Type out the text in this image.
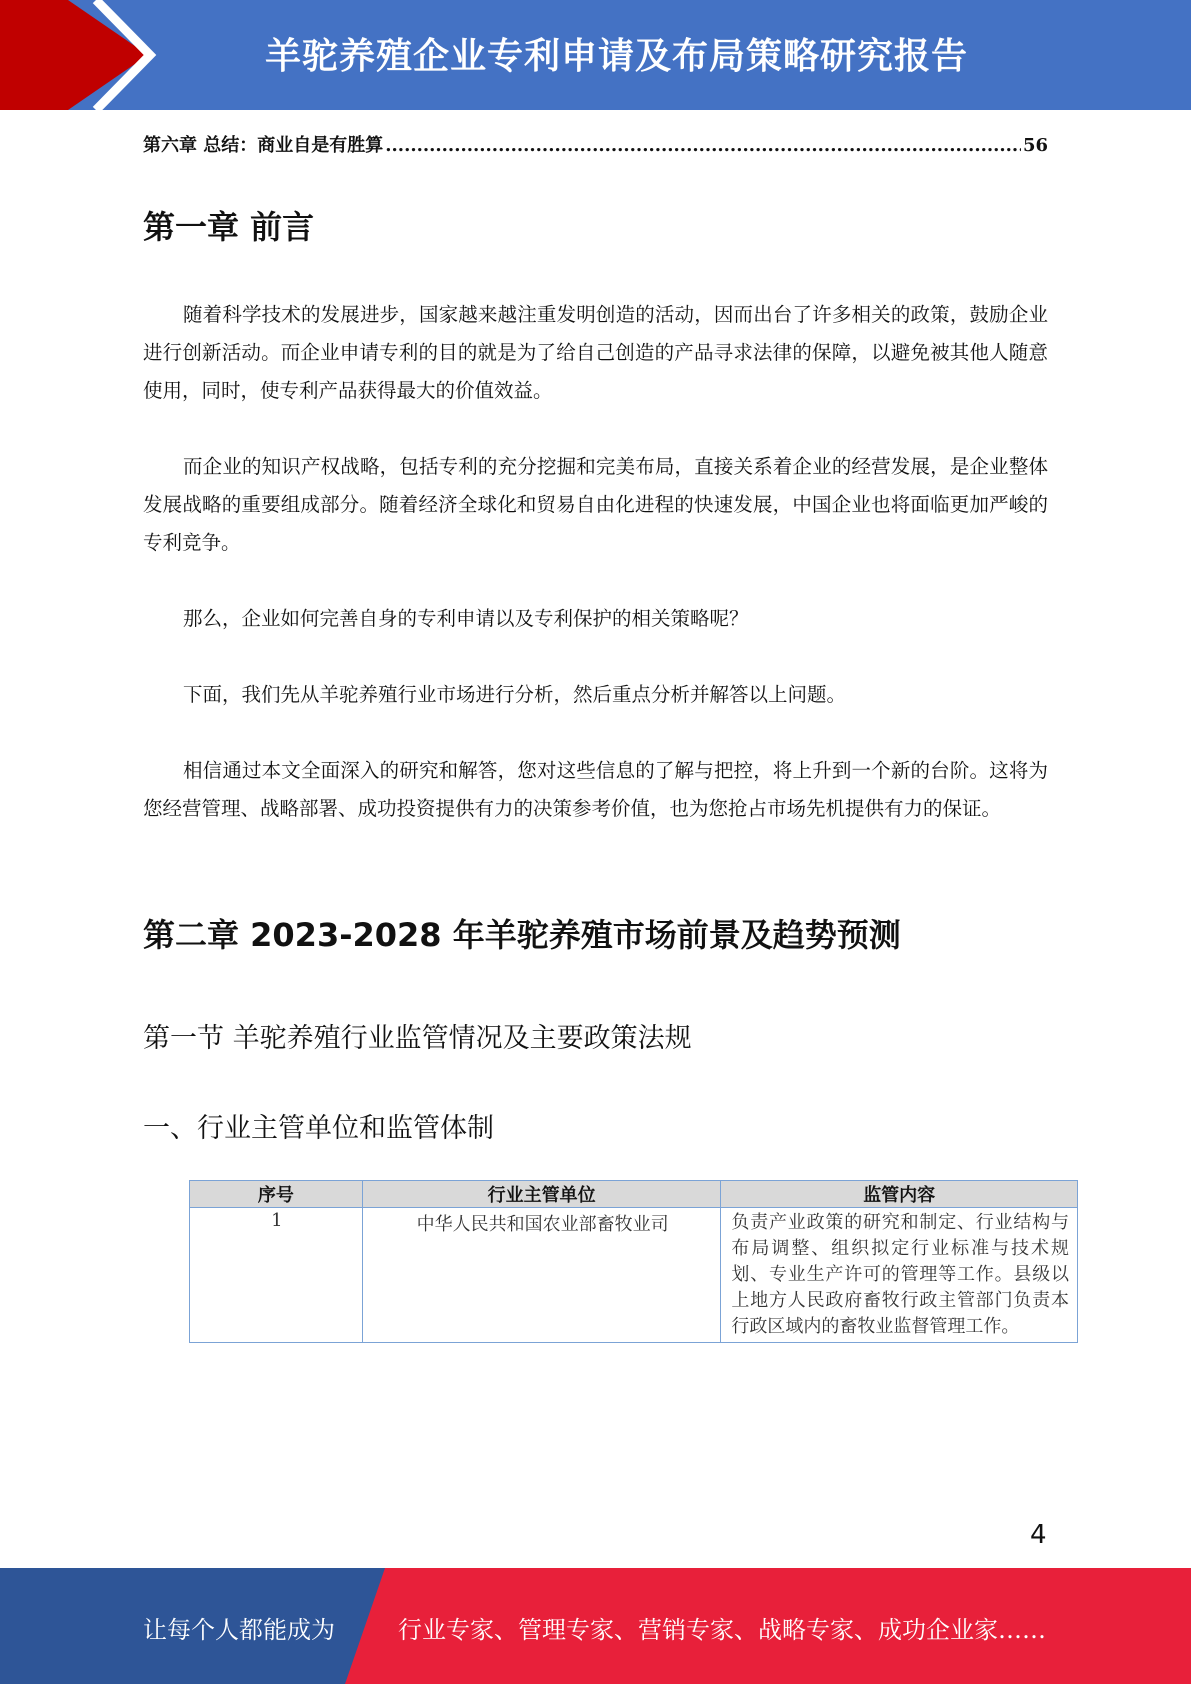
羊驼养殖企业专利申请及布局策略研究报告
第六章 总结：商业自是有胜算 .....	56
第一章 前言

随着科学技术的发展进步，国家越来越注重发明创造的活动，因而出台了许多相关的政策，鼓励企业进行创新活动。而企业申请专利的目的就是为了给自己创造的产品寻求法律的保障，以避免被其他人随意使用，同时，使专利产品获得最大的价值效益。

而企业的知识产权战略，包括专利的充分挖掘和完美布局，直接关系着企业的经营发展，是企业整体发展战略的重要组成部分。随着经济全球化和贸易自由化进程的快速发展，中国企业也将面临更加严峻的专利竞争。

那么，企业如何完善自身的专利申请以及专利保护的相关策略呢？

下面，我们先从羊驼养殖行业市场进行分析，然后重点分析并解答以上问题。

相信通过本文全面深入的研究和解答，您对这些信息的了解与把控，将上升到一个新的台阶。这将为您经营管理、战略部署、成功投资提供有力的决策参考价值，也为您抢占市场先机提供有力的保证。

第二章 2023-2028 年羊驼养殖市场前景及趋势预测
第一节 羊驼养殖行业监管情况及主要政策法规
一、行业主管单位和监管体制
序号	行业主管单位	监管内容
1	中华人民共和国农业部畜牧业司	负责产业政策的研究和制定、行业结构与布局调整、组织拟定行业标准与技术规划、专业生产许可的管理等工作。县级以上地方人民政府畜牧行政主管部门负责本行政区域内的畜牧业监督管理工作。
4
让每个人都能成为	行业专家、管理专家、营销专家、战略专家、成功企业家……
